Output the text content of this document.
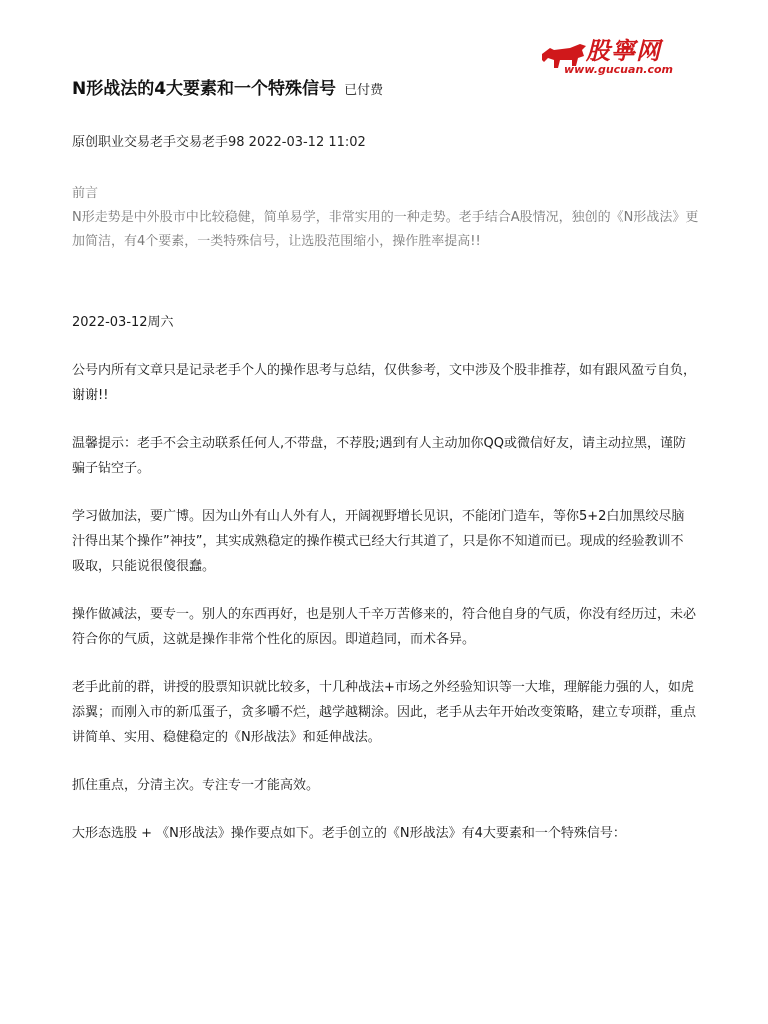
股寧网
www.gucuan.com
N形战法的4大要素和一个特殊信号 已付费
原创职业交易老手交易老手98 2022-03-12 11:02
前言
N形走势是中外股市中比较稳健，简单易学，非常实用的一种走势。老手结合A股情况，独创的《N形战法》更加简洁，有4个要素，一类特殊信号，让选股范围缩小，操作胜率提高!!

2022-03-12周六

公号内所有文章只是记录老手个人的操作思考与总结，仅供参考，文中涉及个股非推荐，如有跟风盈亏自负，谢谢!!

温馨提示：老手不会主动联系任何人,不带盘，不荐股;遇到有人主动加你QQ或微信好友，请主动拉黑，谨防骗子钻空子。

学习做加法，要广博。因为山外有山人外有人，开阔视野增长见识，不能闭门造车，等你5+2白加黑绞尽脑汁得出某个操作”神技”，其实成熟稳定的操作模式已经大行其道了，只是你不知道而已。现成的经验教训不吸取，只能说很傻很蠢。

操作做减法，要专一。别人的东西再好，也是别人千辛万苦修来的，符合他自身的气质，你没有经历过，未必符合你的气质，这就是操作非常个性化的原因。即道趋同，而术各异。

老手此前的群，讲授的股票知识就比较多，十几种战法+市场之外经验知识等一大堆，理解能力强的人，如虎添翼；而刚入市的新瓜蛋子，贪多嚼不烂，越学越糊涂。因此，老手从去年开始改变策略，建立专项群，重点讲简单、实用、稳健稳定的《N形战法》和延伸战法。

抓住重点，分清主次。专注专一才能高效。

大形态选股 + 《N形战法》操作要点如下。老手创立的《N形战法》有4大要素和一个特殊信号：
